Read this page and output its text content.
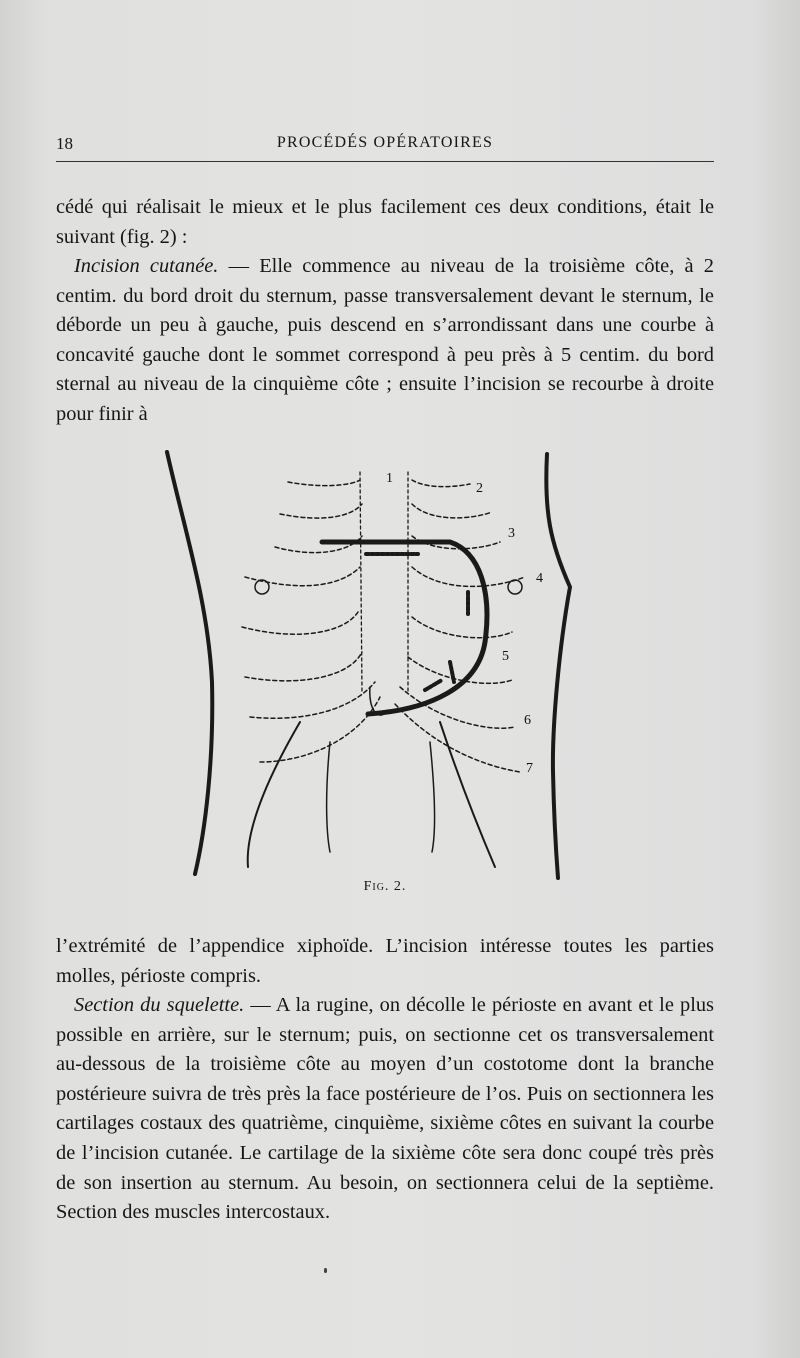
18	PROCÉDÉS OPÉRATOIRES

cédé qui réalisait le mieux et le plus facilement ces deux conditions, était le suivant (fig. 2) :

Incision cutanée. — Elle commence au niveau de la troisième côte, à 2 centim. du bord droit du sternum, passe transversalement devant le sternum, le déborde un peu à gauche, puis descend en s’arrondissant dans une courbe à concavité gauche dont le sommet correspond à peu près à 5 centim. du bord sternal au niveau de la cinquième côte ; ensuite l’incision se recourbe à droite pour finir à

1
2
3
4
5
6
7
Fig. 2.

l’extrémité de l’appendice xiphoïde. L’incision intéresse toutes les parties molles, périoste compris.

Section du squelette. — A la rugine, on décolle le périoste en avant et le plus possible en arrière, sur le sternum; puis, on sectionne cet os transversalement au-dessous de la troisième côte au moyen d’un costotome dont la branche postérieure suivra de très près la face postérieure de l’os. Puis on sectionnera les cartilages costaux des quatrième, cinquième, sixième côtes en suivant la courbe de l’incision cutanée. Le cartilage de la sixième côte sera donc coupé très près de son insertion au sternum. Au besoin, on sectionnera celui de la septième. Section des muscles intercostaux.
